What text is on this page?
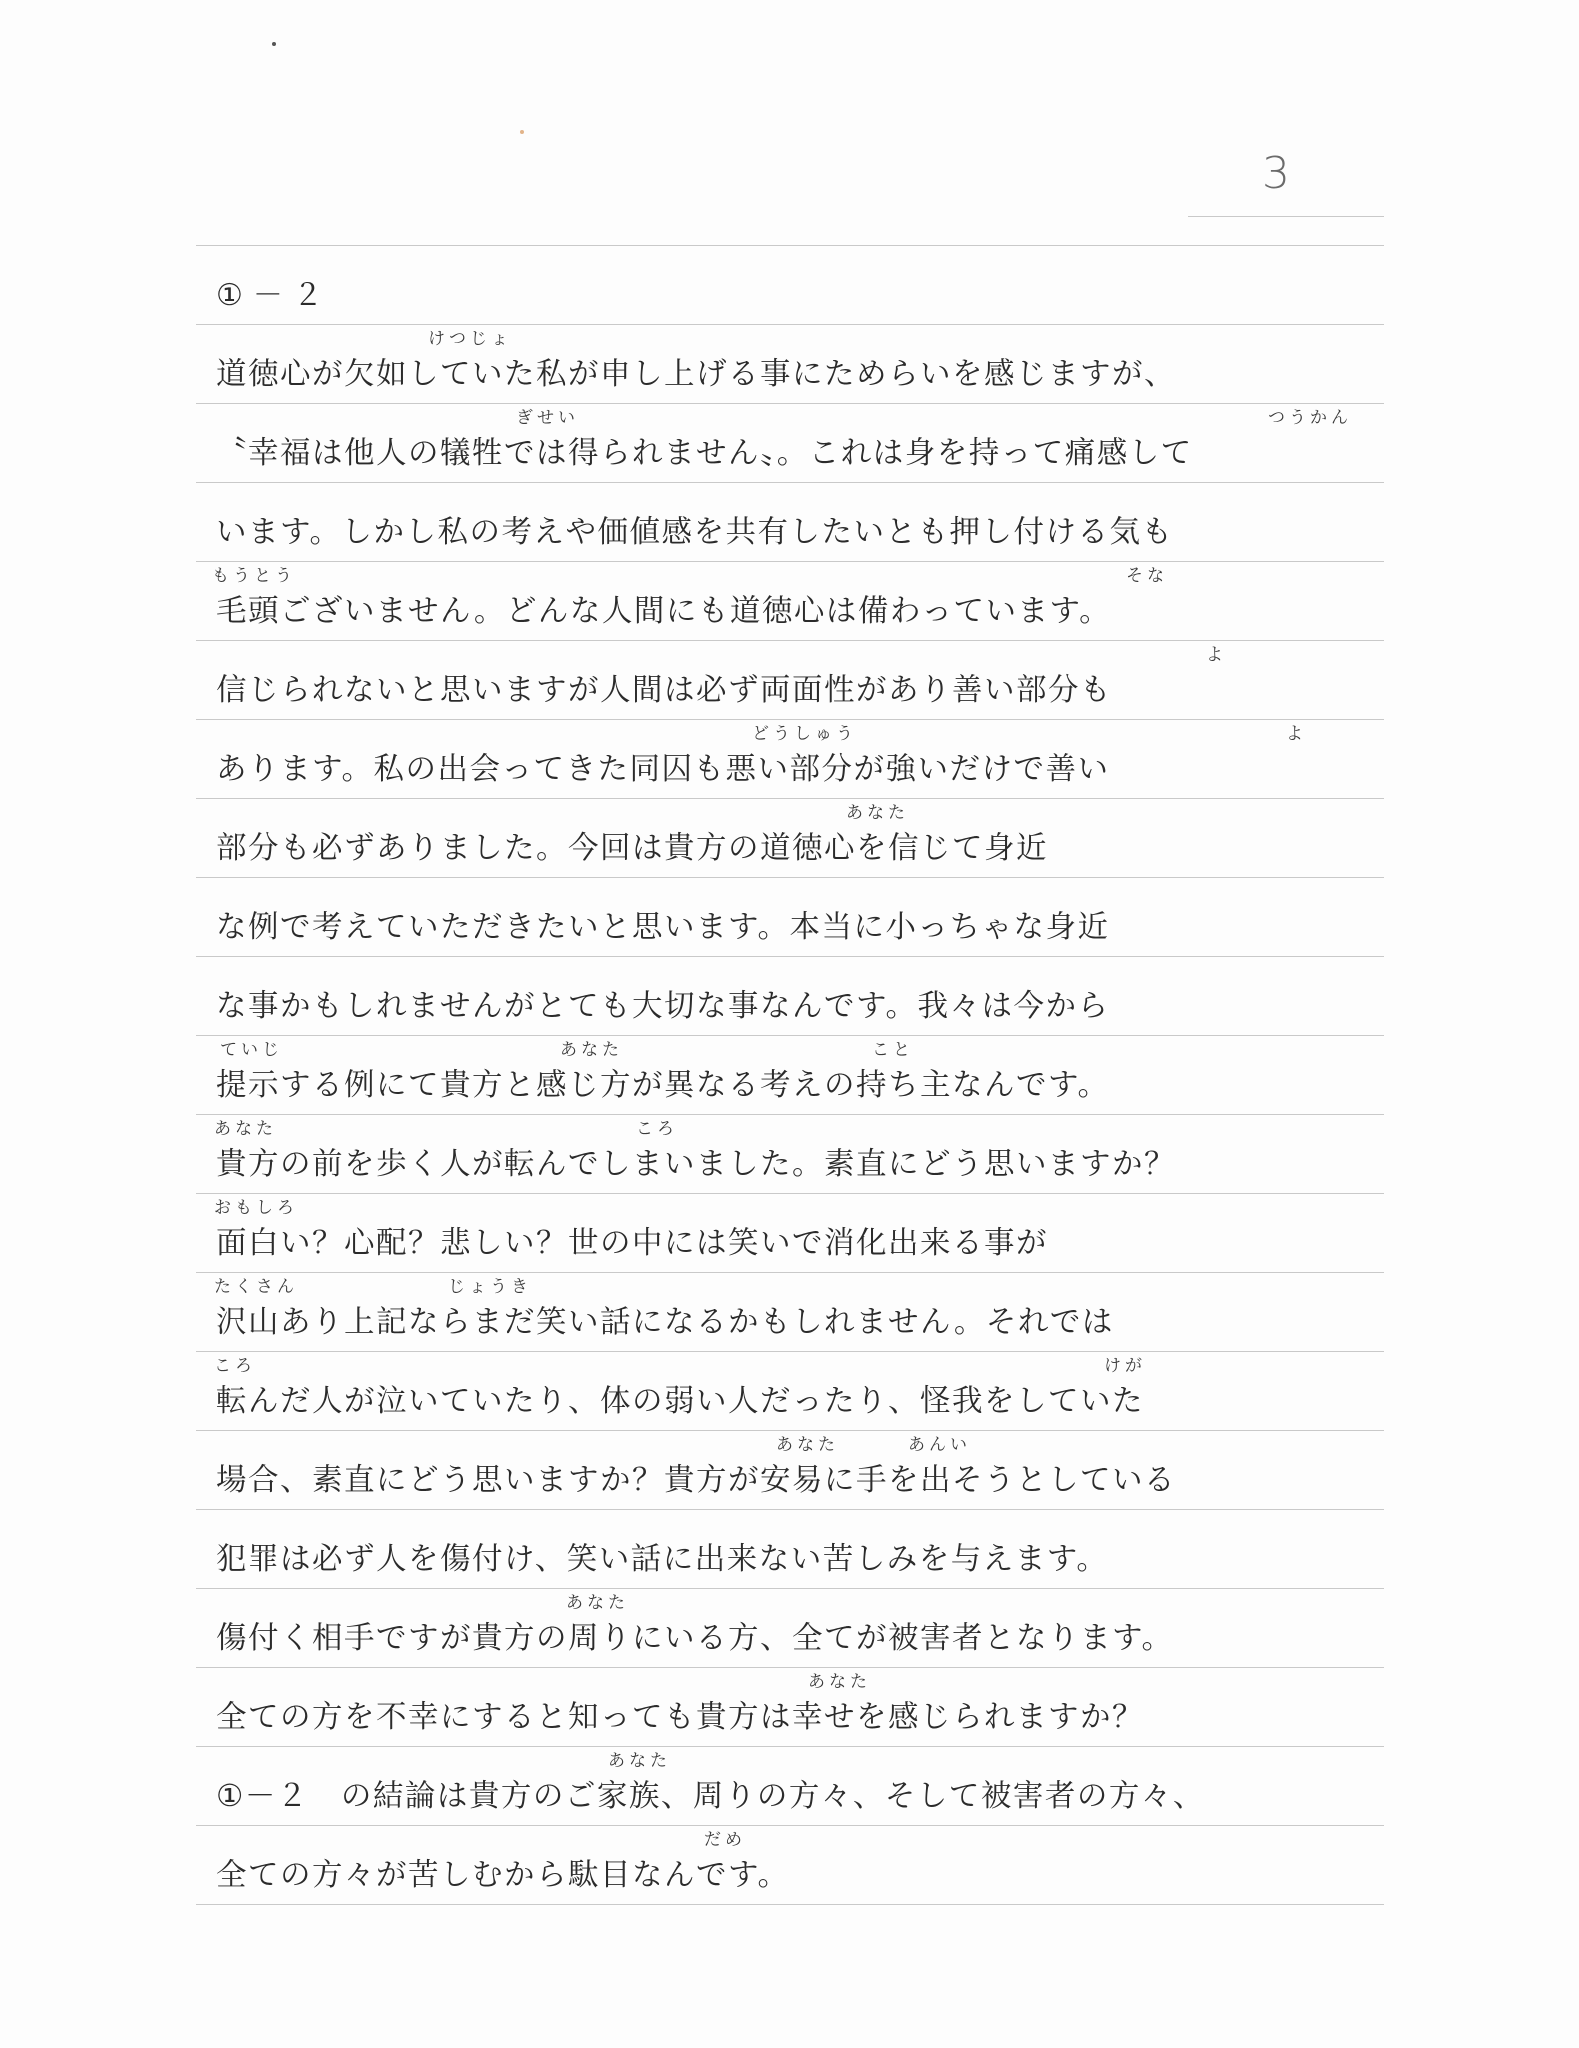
3
①－２
けつじょ
道徳心が欠如していた私が申し上げる事にためらいを感じますが、
ぎせい	つうかん
〝幸福は他人の犠牲では得られません〟。これは身を持って痛感して
います。しかし私の考えや価値感を共有したいとも押し付ける気も
もうとう	そな
毛頭ございません。どんな人間にも道徳心は備わっています。
よ
信じられないと思いますが人間は必ず両面性があり善い部分も
どうしゅう	よ
あります。私の出会ってきた同囚も悪い部分が強いだけで善い
あなた
部分も必ずありました。今回は貴方の道徳心を信じて身近
な例で考えていただきたいと思います。本当に小っちゃな身近
な事かもしれませんがとても大切な事なんです。我々は今から
ていじ	あなた	こと
提示する例にて貴方と感じ方が異なる考えの持ち主なんです。
あなた	ころ
貴方の前を歩く人が転んでしまいました。素直にどう思いますか？
おもしろ
面白い？心配？悲しい？世の中には笑いで消化出来る事が
たくさん	じょうき
沢山あり上記ならまだ笑い話になるかもしれません。それでは
ころ	けが
転んだ人が泣いていたり、体の弱い人だったり、怪我をしていた
あなた	あんい
場合、素直にどう思いますか？貴方が安易に手を出そうとしている
犯罪は必ず人を傷付け、笑い話に出来ない苦しみを与えます。
あなた
傷付く相手ですが貴方の周りにいる方、全てが被害者となります。
あなた
全ての方を不幸にすると知っても貴方は幸せを感じられますか？
あなた
①－２　の結論は貴方のご家族、周りの方々、そして被害者の方々、
だめ
全ての方々が苦しむから駄目なんです。
